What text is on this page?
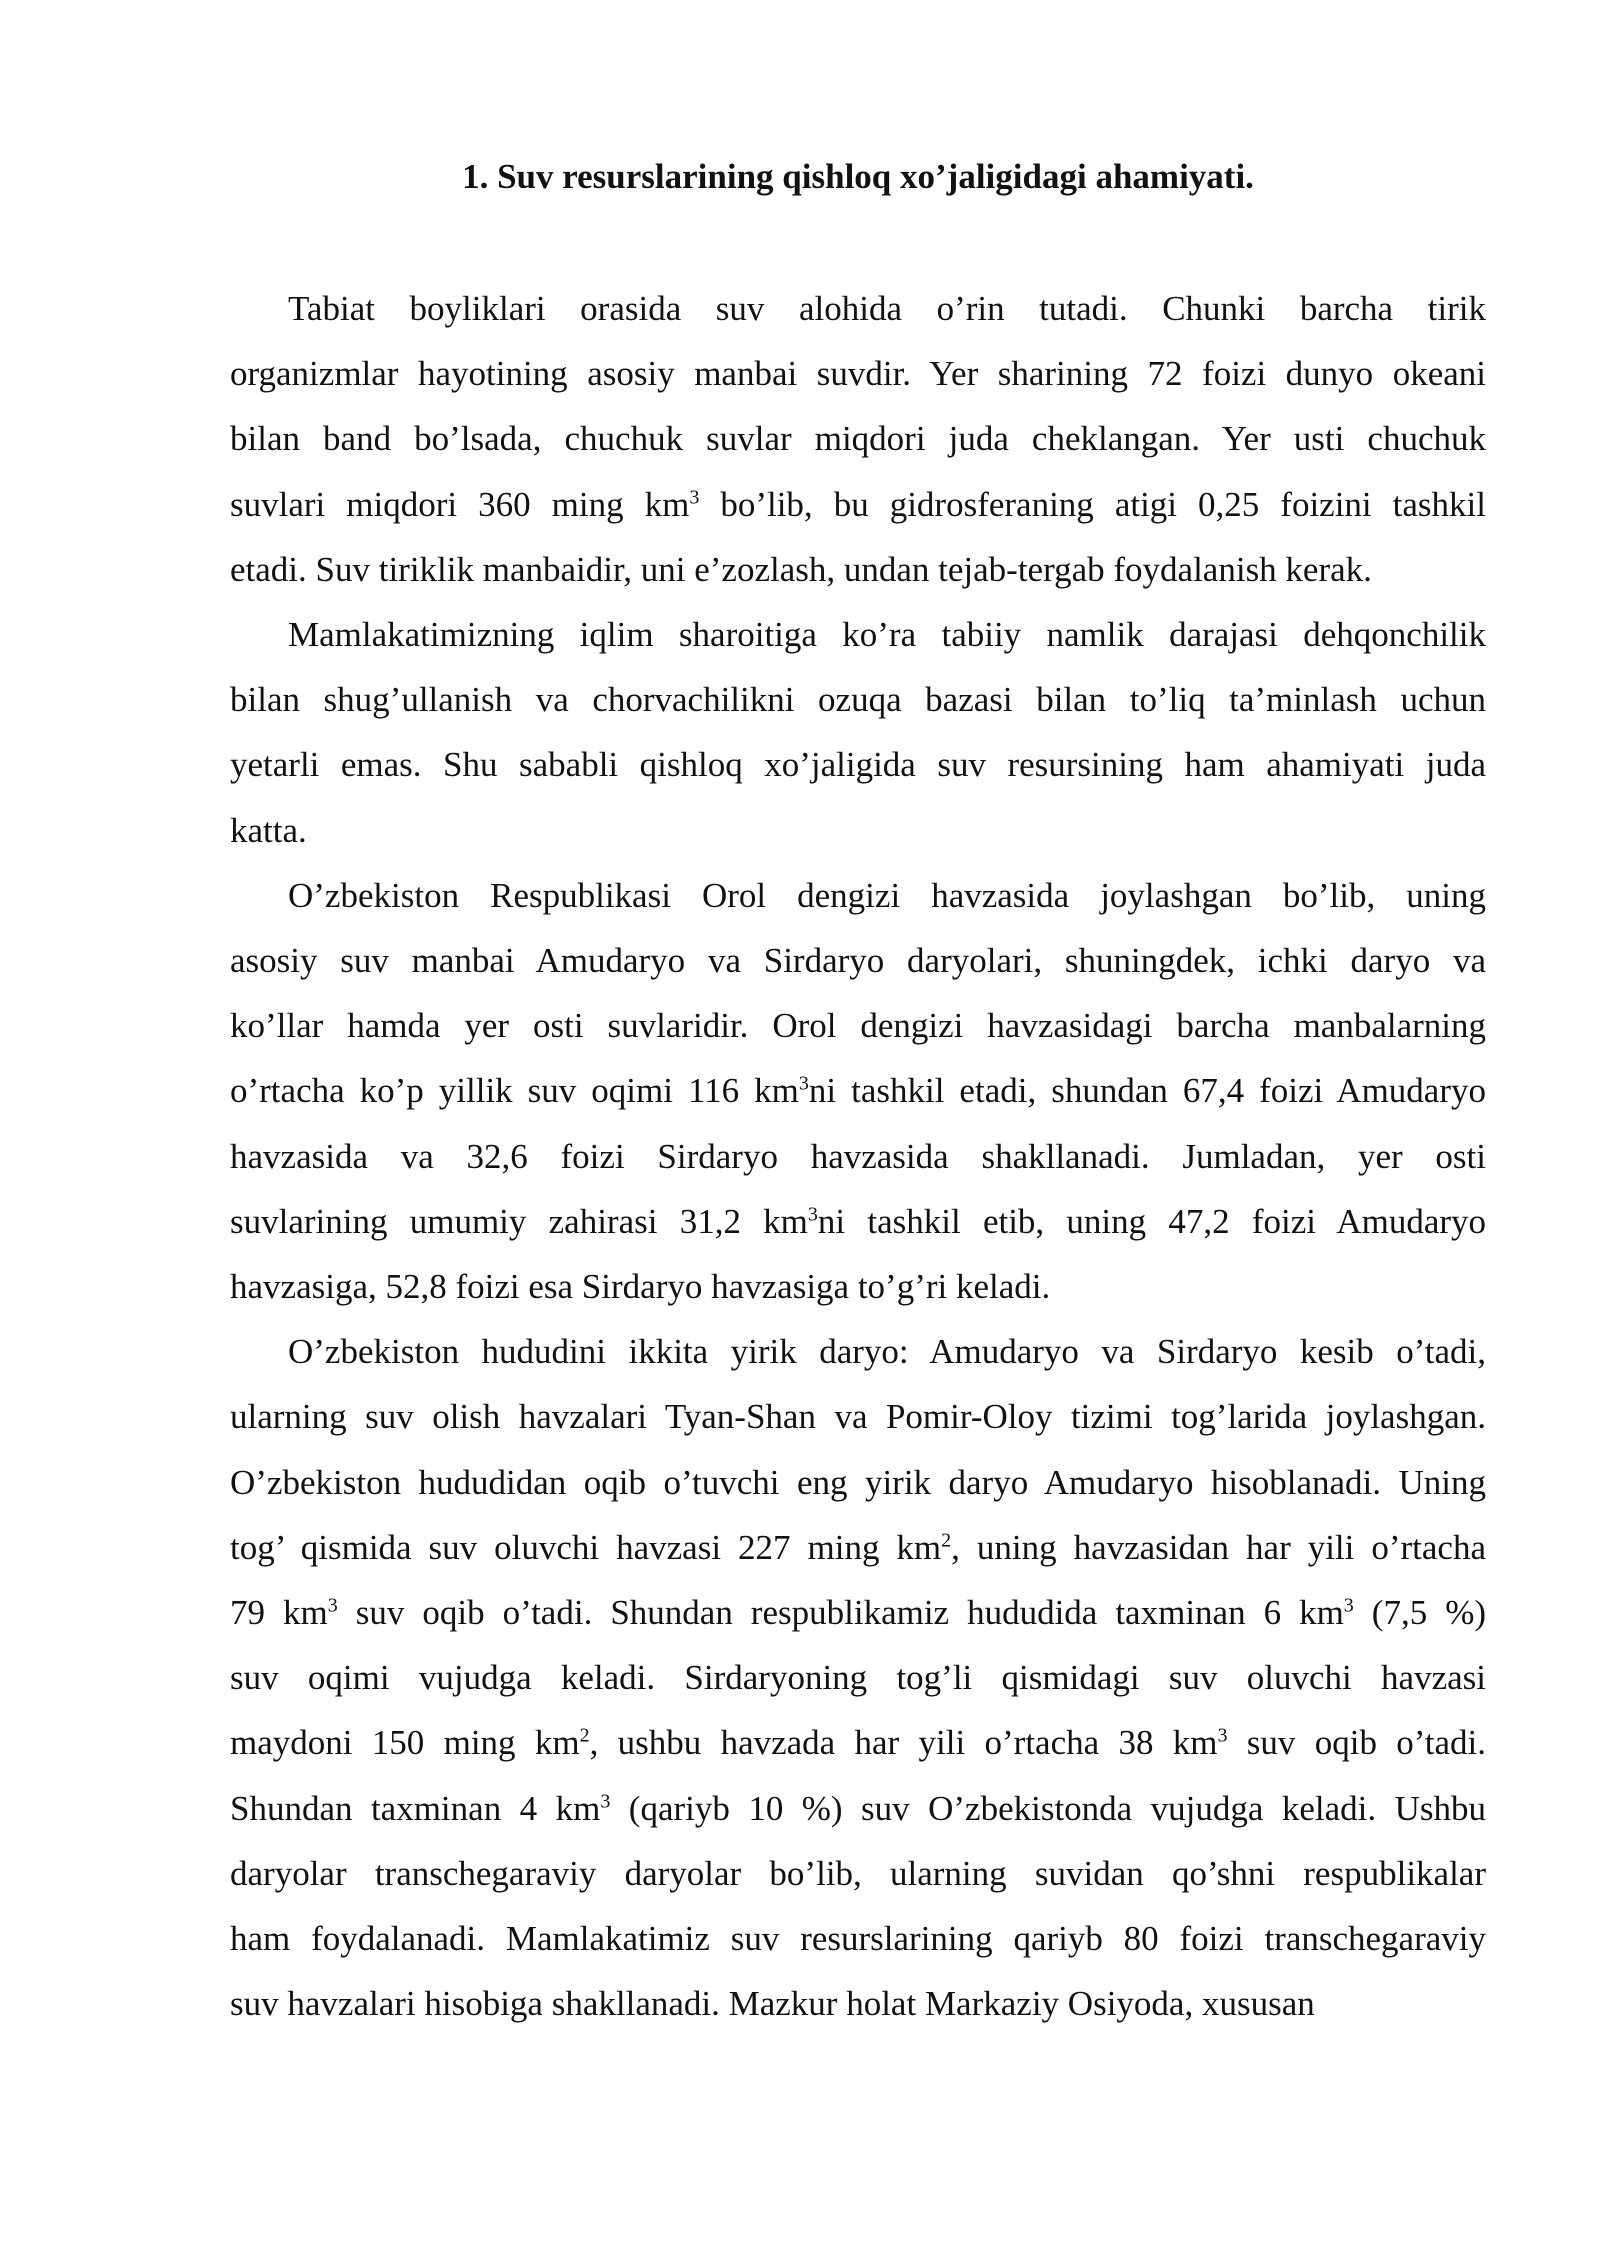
1. Suv resurslarining qishloq xo’jaligidagi ahamiyati.

Tabiat boyliklari orasida suv alohida o’rin tutadi. Chunki barcha tirik
organizmlar hayotining asosiy manbai suvdir. Yer sharining 72 foizi dunyo okeani
bilan band bo’lsada, chuchuk suvlar miqdori juda cheklangan. Yer usti chuchuk
suvlari miqdori 360 ming $km^3$ bo’lib, bu gidrosferaning atigi 0,25 foizini tashkil
etadi. Suv tiriklik manbaidir, uni e’zozlash, undan tejab-tergab foydalanish kerak.

Mamlakatimizning iqlim sharoitiga ko’ra tabiiy namlik darajasi dehqonchilik
bilan shug’ullanish va chorvachilikni ozuqa bazasi bilan to’liq ta’minlash uchun
yetarli emas. Shu sababli qishloq xo’jaligida suv resursining ham ahamiyati juda
katta.

O’zbekiston Respublikasi Orol dengizi havzasida joylashgan bo’lib, uning
asosiy suv manbai Amudaryo va Sirdaryo daryolari, shuningdek, ichki daryo va
ko’llar hamda yer osti suvlaridir. Orol dengizi havzasidagi barcha manbalarning
o’rtacha ko’p yillik suv oqimi 116 $km^3ni$ tashkil etadi, shundan 67,4 foizi Amudaryo
havzasida va 32,6 foizi Sirdaryo havzasida shakllanadi. Jumladan, yer osti
suvlarining umumiy zahirasi 31,2 $km^3ni$ tashkil etib, uning 47,2 foizi Amudaryo
havzasiga, 52,8 foizi esa Sirdaryo havzasiga to’g’ri keladi.

O’zbekiston hududini ikkita yirik daryo: Amudaryo va Sirdaryo kesib o’tadi,
ularning suv olish havzalari Tyan-Shan va Pomir-Oloy tizimi tog’larida joylashgan.
O’zbekiston hududidan oqib o’tuvchi eng yirik daryo Amudaryo hisoblanadi. Uning
tog’ qismida suv oluvchi havzasi 227 ming $km^2$, uning havzasidan har yili o’rtacha
79 $km^3$ suv oqib o’tadi. Shundan respublikamiz hududida taxminan 6 $km^3$ (7,5 %)
suv oqimi vujudga keladi. Sirdaryoning tog’li qismidagi suv oluvchi havzasi
maydoni 150 ming $km^2$, ushbu havzada har yili o’rtacha 38 $km^3$ suv oqib o’tadi.
Shundan taxminan 4 $km^3$ (qariyb 10 %) suv O’zbekistonda vujudga keladi. Ushbu
daryolar transchegaraviy daryolar bo’lib, ularning suvidan qo’shni respublikalar
ham foydalanadi. Mamlakatimiz suv resurslarining qariyb 80 foizi transchegaraviy
suv havzalari hisobiga shakllanadi. Mazkur holat Markaziy Osiyoda, xususan
